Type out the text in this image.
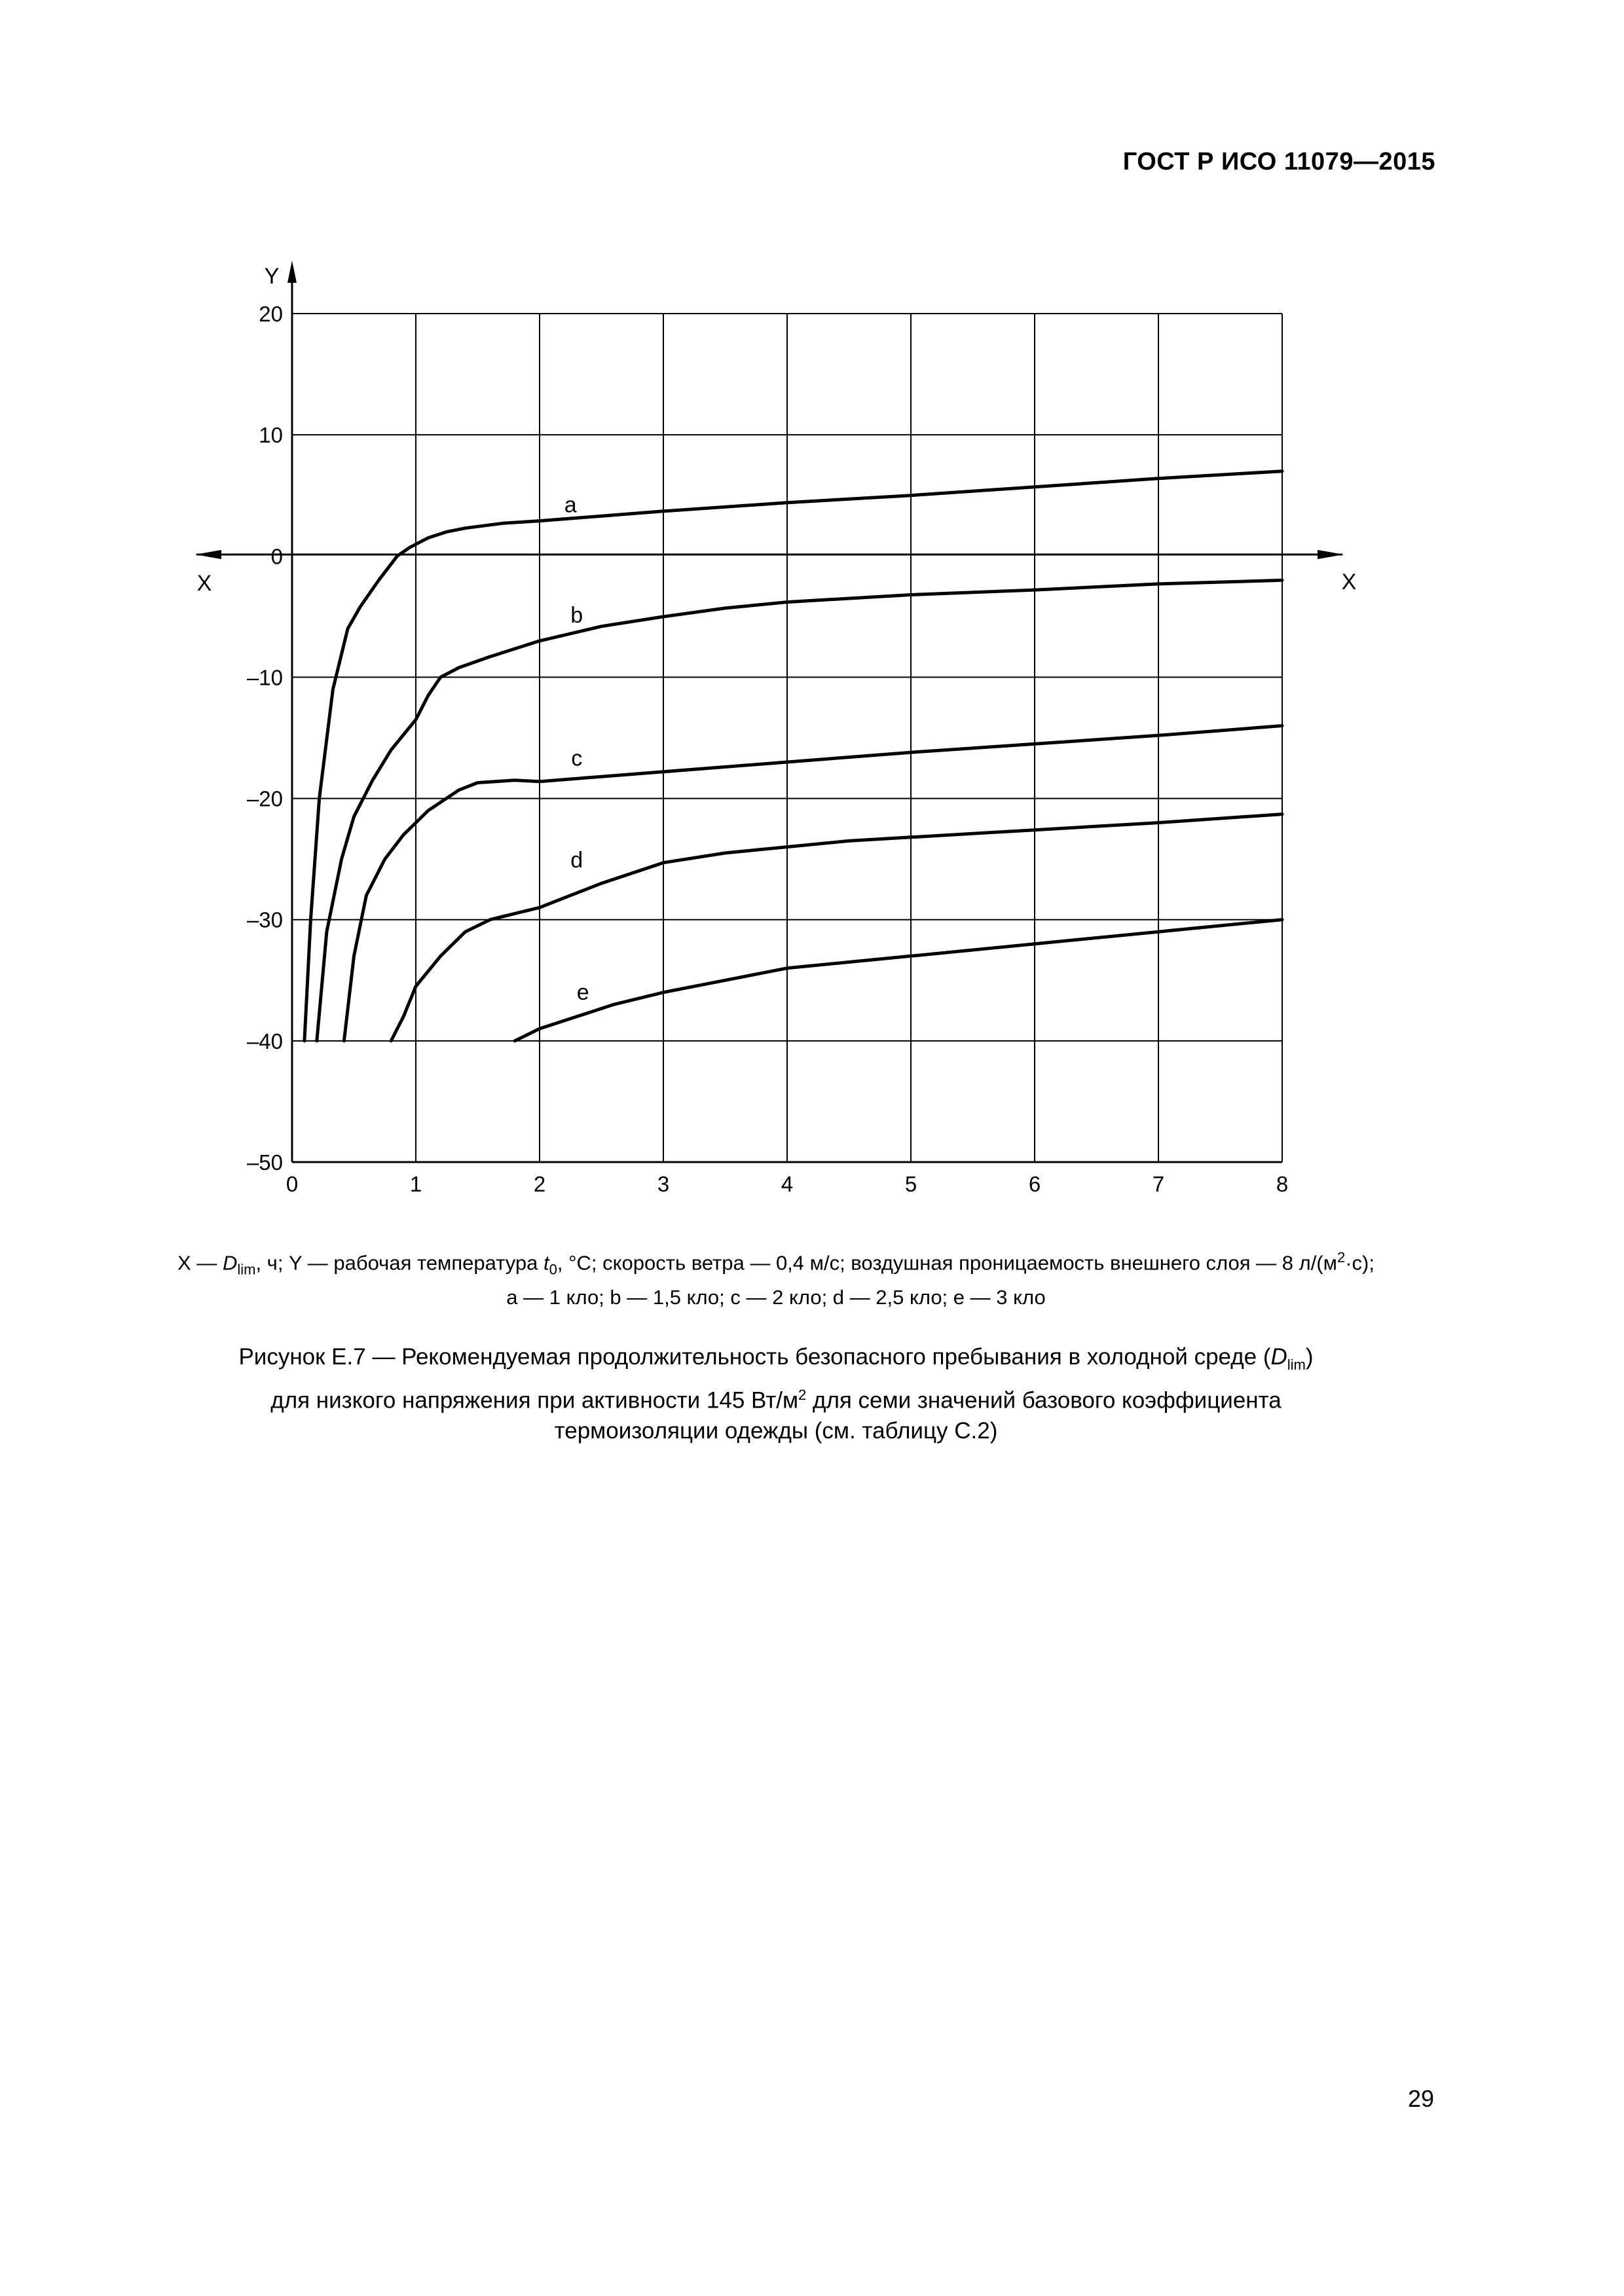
ГОСТ Р ИСО 11079—2015
Y
X
X
0	1	2	3	4	5	6	7	8
20
10
0
–10
–20
–30
–40
–50
a
b
c
d
e
X — $D_{lim}$, ч; Y — рабочая температура $t_0$, °С; скорость ветра — 0,4 м/с; воздушная проницаемость внешнего слоя — 8 $л/(м^2\cdot с)$;
a — 1 кло; b — 1,5 кло; c — 2 кло; d — 2,5 кло; e — 3 кло
Рисунок Е.7 — Рекомендуемая продолжительность безопасного пребывания в холодной среде $(D_{lim})$
для низкого напряжения при активности 145 $Вт/м^2$ для семи значений базового коэффициента
термоизоляции одежды (см. таблицу С.2)
29
